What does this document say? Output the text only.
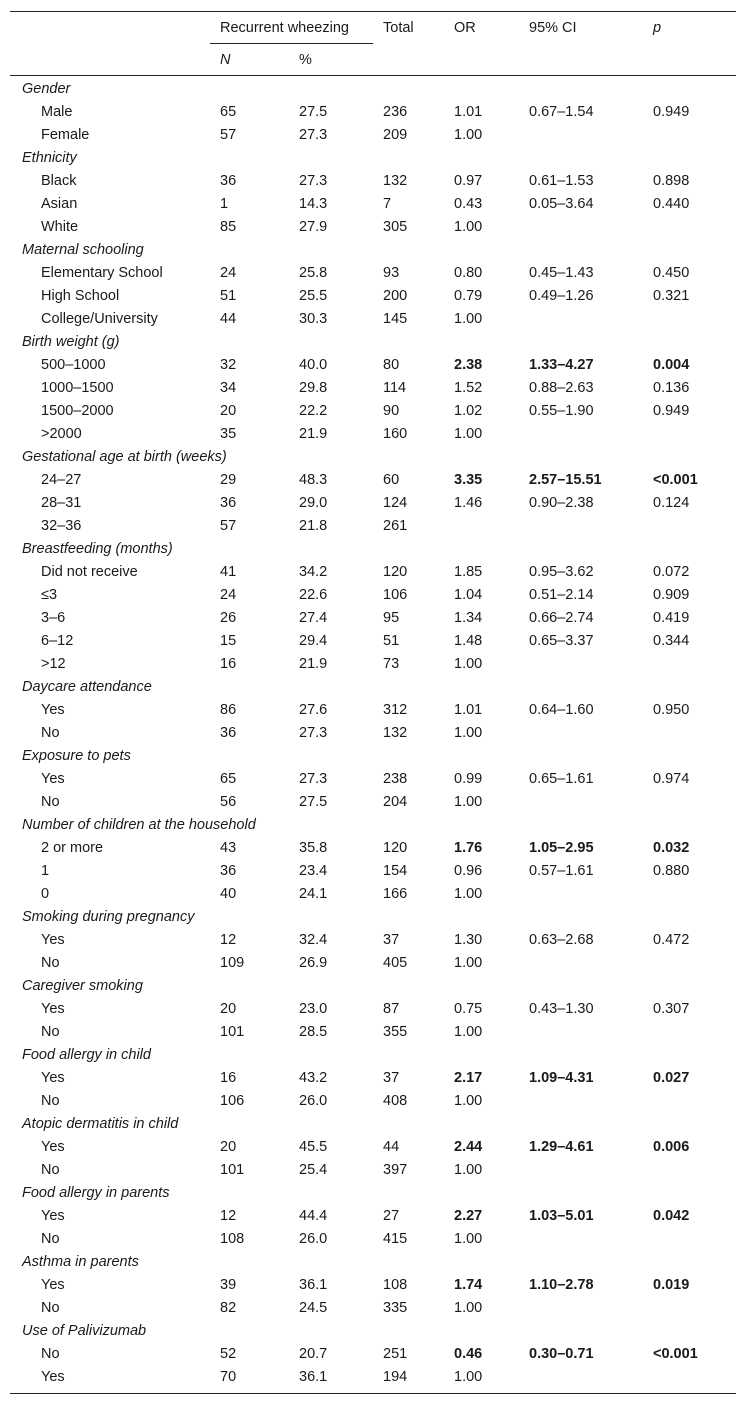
Recurrent wheezing Total	OR	95% CI	p
N	%
Gender
Male	65	27.5	236	1.01	0.67–1.54	0.949
Female	57	27.3	209	1.00
Ethnicity
Black	36	27.3	132	0.97	0.61–1.53	0.898
Asian	1	14.3	7	0.43	0.05–3.64	0.440
White	85	27.9	305	1.00
Maternal schooling
Elementary School	24	25.8	93	0.80	0.45–1.43	0.450
High School	51	25.5	200	0.79	0.49–1.26	0.321
College/University	44	30.3	145	1.00
Birth weight (g)
500–1000	32	40.0	80	2.38	1.33–4.27	0.004
1000–1500	34	29.8	114	1.52	0.88–2.63	0.136
1500–2000	20	22.2	90	1.02	0.55–1.90	0.949
>2000	35	21.9	160	1.00
Gestational age at birth (weeks)
24–27	29	48.3	60	3.35	2.57–15.51	<0.001
28–31	36	29.0	124	1.46	0.90–2.38	0.124
32–36	57	21.8	261
Breastfeeding (months)
Did not receive	41	34.2	120	1.85	0.95–3.62	0.072
≤3	24	22.6	106	1.04	0.51–2.14	0.909
3–6	26	27.4	95	1.34	0.66–2.74	0.419
6–12	15	29.4	51	1.48	0.65–3.37	0.344
>12	16	21.9	73	1.00
Daycare attendance
Yes	86	27.6	312	1.01	0.64–1.60	0.950
No	36	27.3	132	1.00
Exposure to pets
Yes	65	27.3	238	0.99	0.65–1.61	0.974
No	56	27.5	204	1.00
Number of children at the household
2 or more	43	35.8	120	1.76	1.05–2.95	0.032
1	36	23.4	154	0.96	0.57–1.61	0.880
0	40	24.1	166	1.00
Smoking during pregnancy
Yes	12	32.4	37	1.30	0.63–2.68	0.472
No	109	26.9	405	1.00
Caregiver smoking
Yes	20	23.0	87	0.75	0.43–1.30	0.307
No	101	28.5	355	1.00
Food allergy in child
Yes	16	43.2	37	2.17	1.09–4.31	0.027
No	106	26.0	408	1.00
Atopic dermatitis in child
Yes	20	45.5	44	2.44	1.29–4.61	0.006
No	101	25.4	397	1.00
Food allergy in parents
Yes	12	44.4	27	2.27	1.03–5.01	0.042
No	108	26.0	415	1.00
Asthma in parents
Yes	39	36.1	108	1.74	1.10–2.78	0.019
No	82	24.5	335	1.00
Use of Palivizumab
No	52	20.7	251	0.46	0.30–0.71	<0.001
Yes	70	36.1	194	1.00
